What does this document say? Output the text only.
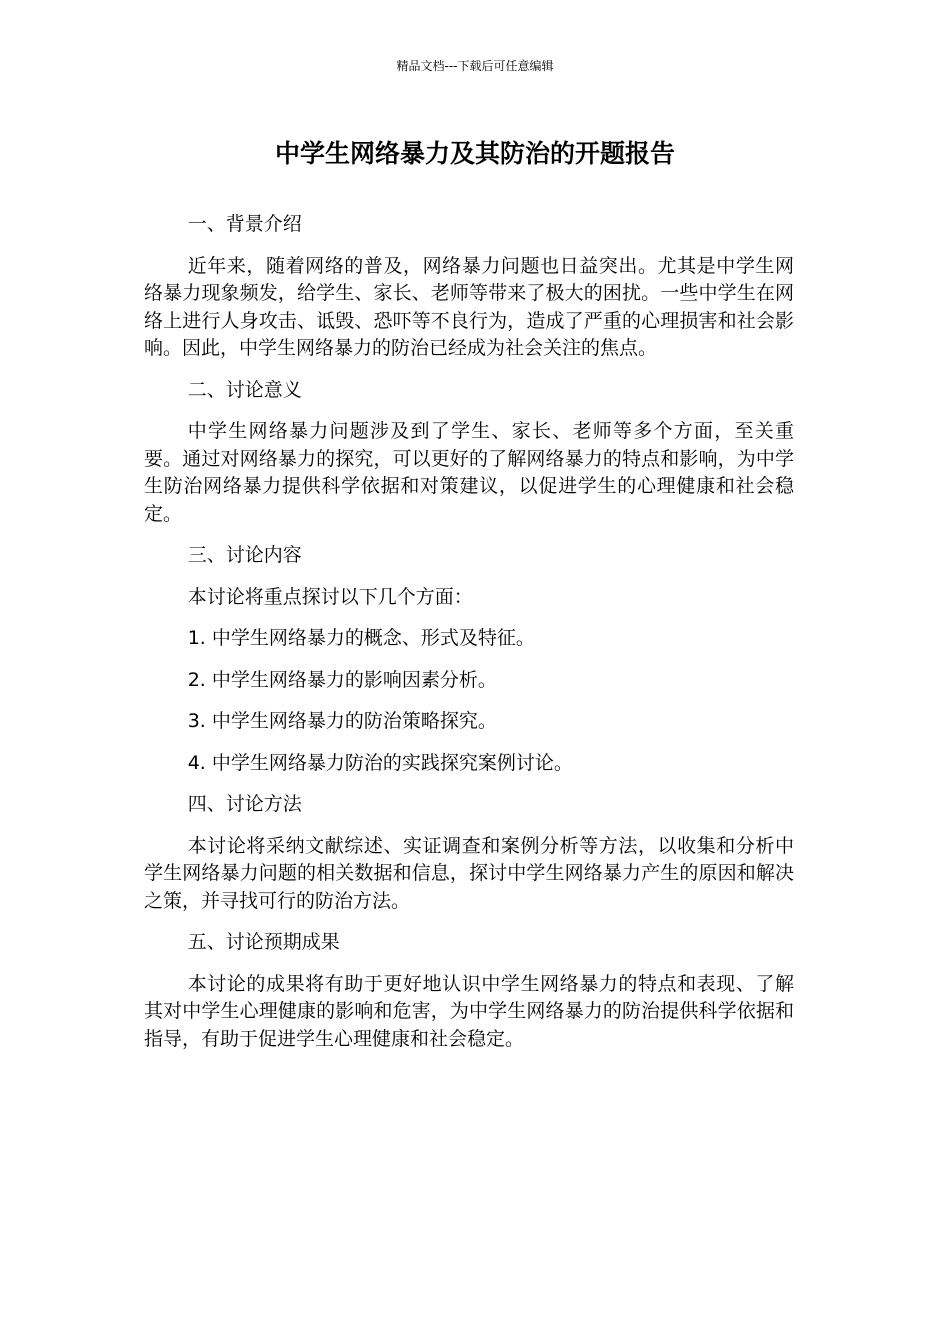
精品文档---下载后可任意编辑
中学生网络暴力及其防治的开题报告

一、背景介绍

近年来，随着网络的普及，网络暴力问题也日益突出。尤其是中学生网络暴力现象频发，给学生、家长、老师等带来了极大的困扰。一些中学生在网络上进行人身攻击、诋毁、恐吓等不良行为，造成了严重的心理损害和社会影响。因此，中学生网络暴力的防治已经成为社会关注的焦点。

二、讨论意义

中学生网络暴力问题涉及到了学生、家长、老师等多个方面，至关重要。通过对网络暴力的探究，可以更好的了解网络暴力的特点和影响，为中学生防治网络暴力提供科学依据和对策建议，以促进学生的心理健康和社会稳定。

三、讨论内容

本讨论将重点探讨以下几个方面：

1. 中学生网络暴力的概念、形式及特征。

2. 中学生网络暴力的影响因素分析。

3. 中学生网络暴力的防治策略探究。

4. 中学生网络暴力防治的实践探究案例讨论。

四、讨论方法

本讨论将采纳文献综述、实证调查和案例分析等方法，以收集和分析中学生网络暴力问题的相关数据和信息，探讨中学生网络暴力产生的原因和解决之策，并寻找可行的防治方法。

五、讨论预期成果

本讨论的成果将有助于更好地认识中学生网络暴力的特点和表现、了解其对中学生心理健康的影响和危害，为中学生网络暴力的防治提供科学依据和指导，有助于促进学生心理健康和社会稳定。
